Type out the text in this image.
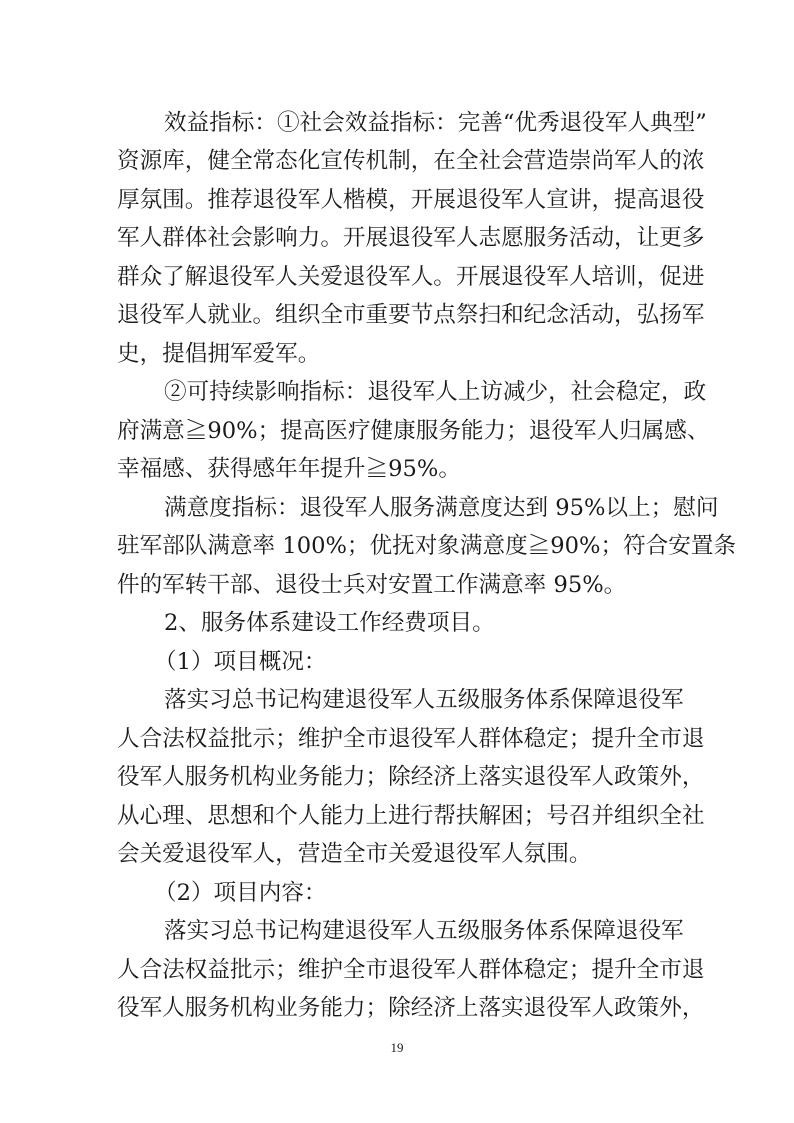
效益指标：①社会效益指标：完善“优秀退役军人典型”
资源库，健全常态化宣传机制，在全社会营造崇尚军人的浓
厚氛围。推荐退役军人楷模，开展退役军人宣讲，提高退役
军人群体社会影响力。开展退役军人志愿服务活动，让更多
群众了解退役军人关爱退役军人。开展退役军人培训，促进
退役军人就业。组织全市重要节点祭扫和纪念活动，弘扬军
史，提倡拥军爱军。
②可持续影响指标：退役军人上访减少，社会稳定，政
府满意≧90%；提高医疗健康服务能力；退役军人归属感、
幸福感、获得感年年提升≧95%。
满意度指标：退役军人服务满意度达到 95%以上；慰问
驻军部队满意率 100%；优抚对象满意度≧90%；符合安置条
件的军转干部、退役士兵对安置工作满意率 95%。
2、服务体系建设工作经费项目。
（1）项目概况：
落实习总书记构建退役军人五级服务体系保障退役军
人合法权益批示；维护全市退役军人群体稳定；提升全市退
役军人服务机构业务能力；除经济上落实退役军人政策外，
从心理、思想和个人能力上进行帮扶解困；号召并组织全社
会关爱退役军人，营造全市关爱退役军人氛围。
（2）项目内容：
落实习总书记构建退役军人五级服务体系保障退役军
人合法权益批示；维护全市退役军人群体稳定；提升全市退
役军人服务机构业务能力；除经济上落实退役军人政策外，
19
